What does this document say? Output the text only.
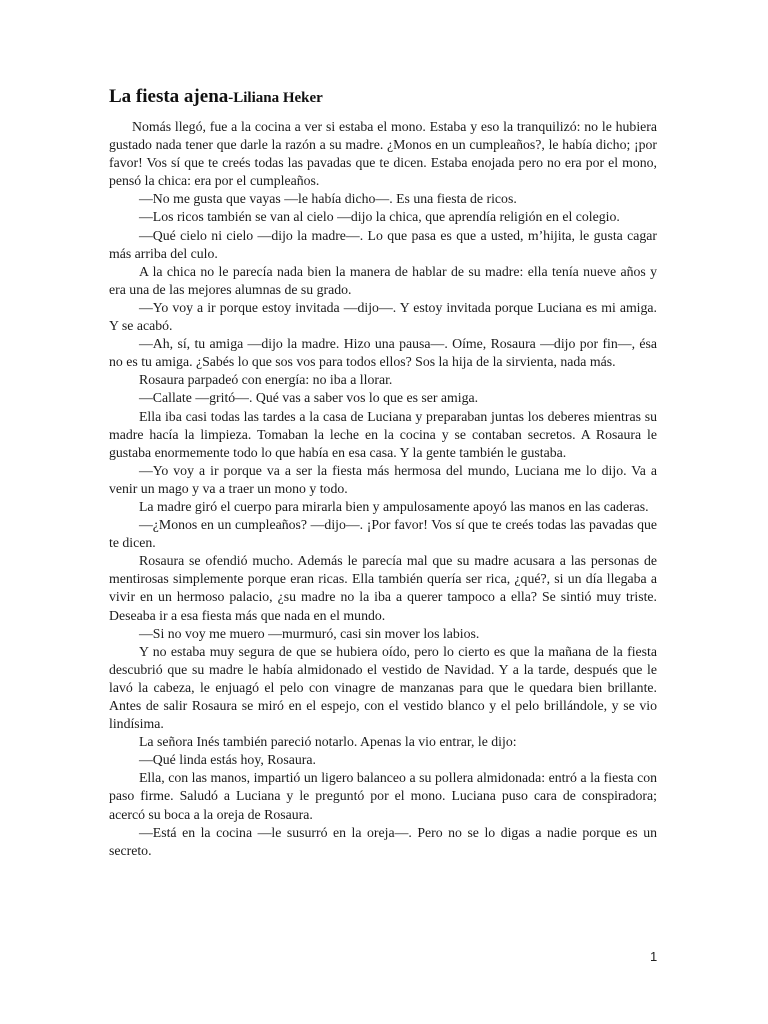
La fiesta ajena-Liliana Heker

Nomás llegó, fue a la cocina a ver si estaba el mono. Estaba y eso la tranquilizó: no le hubiera gustado nada tener que darle la razón a su madre. ¿Monos en un cumpleaños?, le había dicho; ¡por favor! Vos sí que te creés todas las pavadas que te dicen. Estaba enojada pero no era por el mono, pensó la chica: era por el cumpleaños.

—No me gusta que vayas —le había dicho—. Es una fiesta de ricos.

—Los ricos también se van al cielo —dijo la chica, que aprendía religión en el colegio.

—Qué cielo ni cielo —dijo la madre—. Lo que pasa es que a usted, m’hijita, le gusta cagar más arriba del culo.

A la chica no le parecía nada bien la manera de hablar de su madre: ella tenía nueve años y era una de las mejores alumnas de su grado.

—Yo voy a ir porque estoy invitada —dijo—. Y estoy invitada porque Luciana es mi amiga. Y se acabó.

—Ah, sí, tu amiga —dijo la madre. Hizo una pausa—. Oíme, Rosaura —dijo por fin—, ésa no es tu amiga. ¿Sabés lo que sos vos para todos ellos? Sos la hija de la sirvienta, nada más.

Rosaura parpadeó con energía: no iba a llorar.

—Callate —gritó—. Qué vas a saber vos lo que es ser amiga.

Ella iba casi todas las tardes a la casa de Luciana y preparaban juntas los deberes mientras su madre hacía la limpieza. Tomaban la leche en la cocina y se contaban secretos. A Rosaura le gustaba enormemente todo lo que había en esa casa. Y la gente también le gustaba.

—Yo voy a ir porque va a ser la fiesta más hermosa del mundo, Luciana me lo dijo. Va a venir un mago y va a traer un mono y todo.

La madre giró el cuerpo para mirarla bien y ampulosamente apoyó las manos en las caderas.

—¿Monos en un cumpleaños? —dijo—. ¡Por favor! Vos sí que te creés todas las pavadas que te dicen.

Rosaura se ofendió mucho. Además le parecía mal que su madre acusara a las personas de mentirosas simplemente porque eran ricas. Ella también quería ser rica, ¿qué?, si un día llegaba a vivir en un hermoso palacio, ¿su madre no la iba a querer tampoco a ella? Se sintió muy triste. Deseaba ir a esa fiesta más que nada en el mundo.

—Si no voy me muero —murmuró, casi sin mover los labios.

Y no estaba muy segura de que se hubiera oído, pero lo cierto es que la mañana de la fiesta descubrió que su madre le había almidonado el vestido de Navidad. Y a la tarde, después que le lavó la cabeza, le enjuagó el pelo con vinagre de manzanas para que le quedara bien brillante. Antes de salir Rosaura se miró en el espejo, con el vestido blanco y el pelo brillándole, y se vio lindísima.

La señora Inés también pareció notarlo. Apenas la vio entrar, le dijo:

—Qué linda estás hoy, Rosaura.

Ella, con las manos, impartió un ligero balanceo a su pollera almidonada: entró a la fiesta con paso firme. Saludó a Luciana y le preguntó por el mono. Luciana puso cara de conspiradora; acercó su boca a la oreja de Rosaura.

—Está en la cocina —le susurró en la oreja—. Pero no se lo digas a nadie porque es un secreto.

1
